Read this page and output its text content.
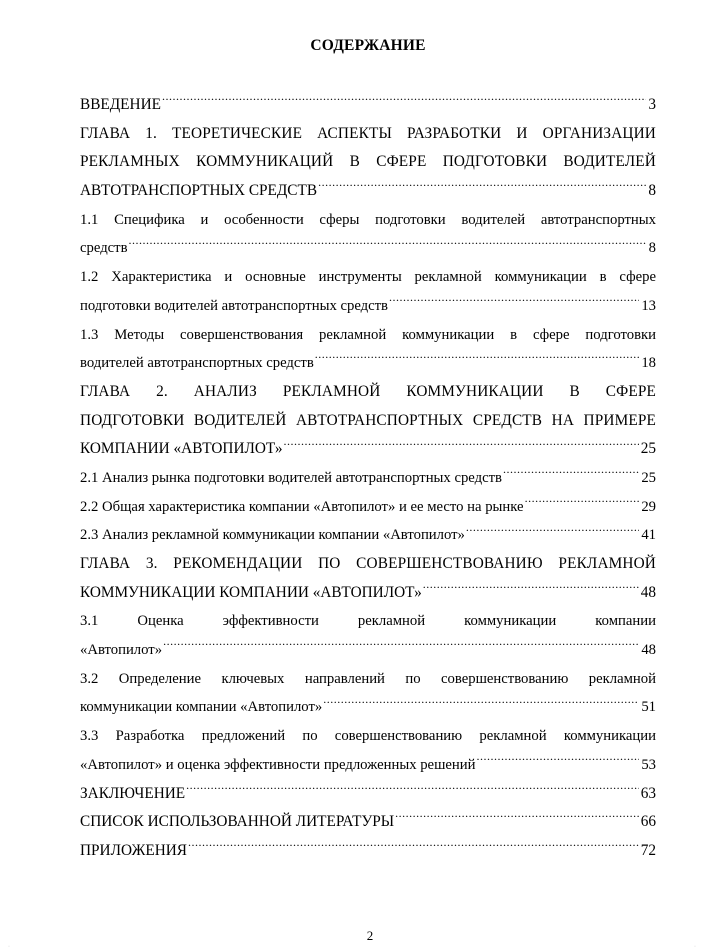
СОДЕРЖАНИЕ
ВВЕДЕНИЕ .....	3
ГЛАВА 1. ТЕОРЕТИЧЕСКИЕ АСПЕКТЫ РАЗРАБОТКИ И ОРГАНИЗАЦИИ
РЕКЛАМНЫХ КОММУНИКАЦИЙ В СФЕРЕ ПОДГОТОВКИ ВОДИТЕЛЕЙ
АВТОТРАНСПОРТНЫХ СРЕДСТВ .....	8
1.1 Специфика и особенности сферы подготовки водителей автотранспортных
средств .....	8
1.2 Характеристика и основные инструменты рекламной коммуникации в сфере
подготовки водителей автотранспортных средств .....	13
1.3 Методы совершенствования рекламной коммуникации в сфере подготовки
водителей автотранспортных средств .....	18
ГЛАВА 2. АНАЛИЗ РЕКЛАМНОЙ КОММУНИКАЦИИ В СФЕРЕ
ПОДГОТОВКИ ВОДИТЕЛЕЙ АВТОТРАНСПОРТНЫХ СРЕДСТВ НА ПРИМЕРЕ
КОМПАНИИ «АВТОПИЛОТ» .....	25
2.1 Анализ рынка подготовки водителей автотранспортных средств .....	25
2.2 Общая характеристика компании «Автопилот» и ее место на рынке .....	29
2.3 Анализ рекламной коммуникации компании «Автопилот» .....	41
ГЛАВА 3. РЕКОМЕНДАЦИИ ПО СОВЕРШЕНСТВОВАНИЮ РЕКЛАМНОЙ
КОММУНИКАЦИИ КОМПАНИИ «АВТОПИЛОТ» .....	48
3.1 Оценка эффективности рекламной коммуникации компании
«Автопилот» .....	48
3.2 Определение ключевых направлений по совершенствованию рекламной
коммуникации компании «Автопилот» .....	51
3.3 Разработка предложений по совершенствованию рекламной коммуникации
«Автопилот» и оценка эффективности предложенных решений .....	53
ЗАКЛЮЧЕНИЕ .....	63
СПИСОК ИСПОЛЬЗОВАННОЙ ЛИТЕРАТУРЫ .....	66
ПРИЛОЖЕНИЯ .....	72
2
·	·
